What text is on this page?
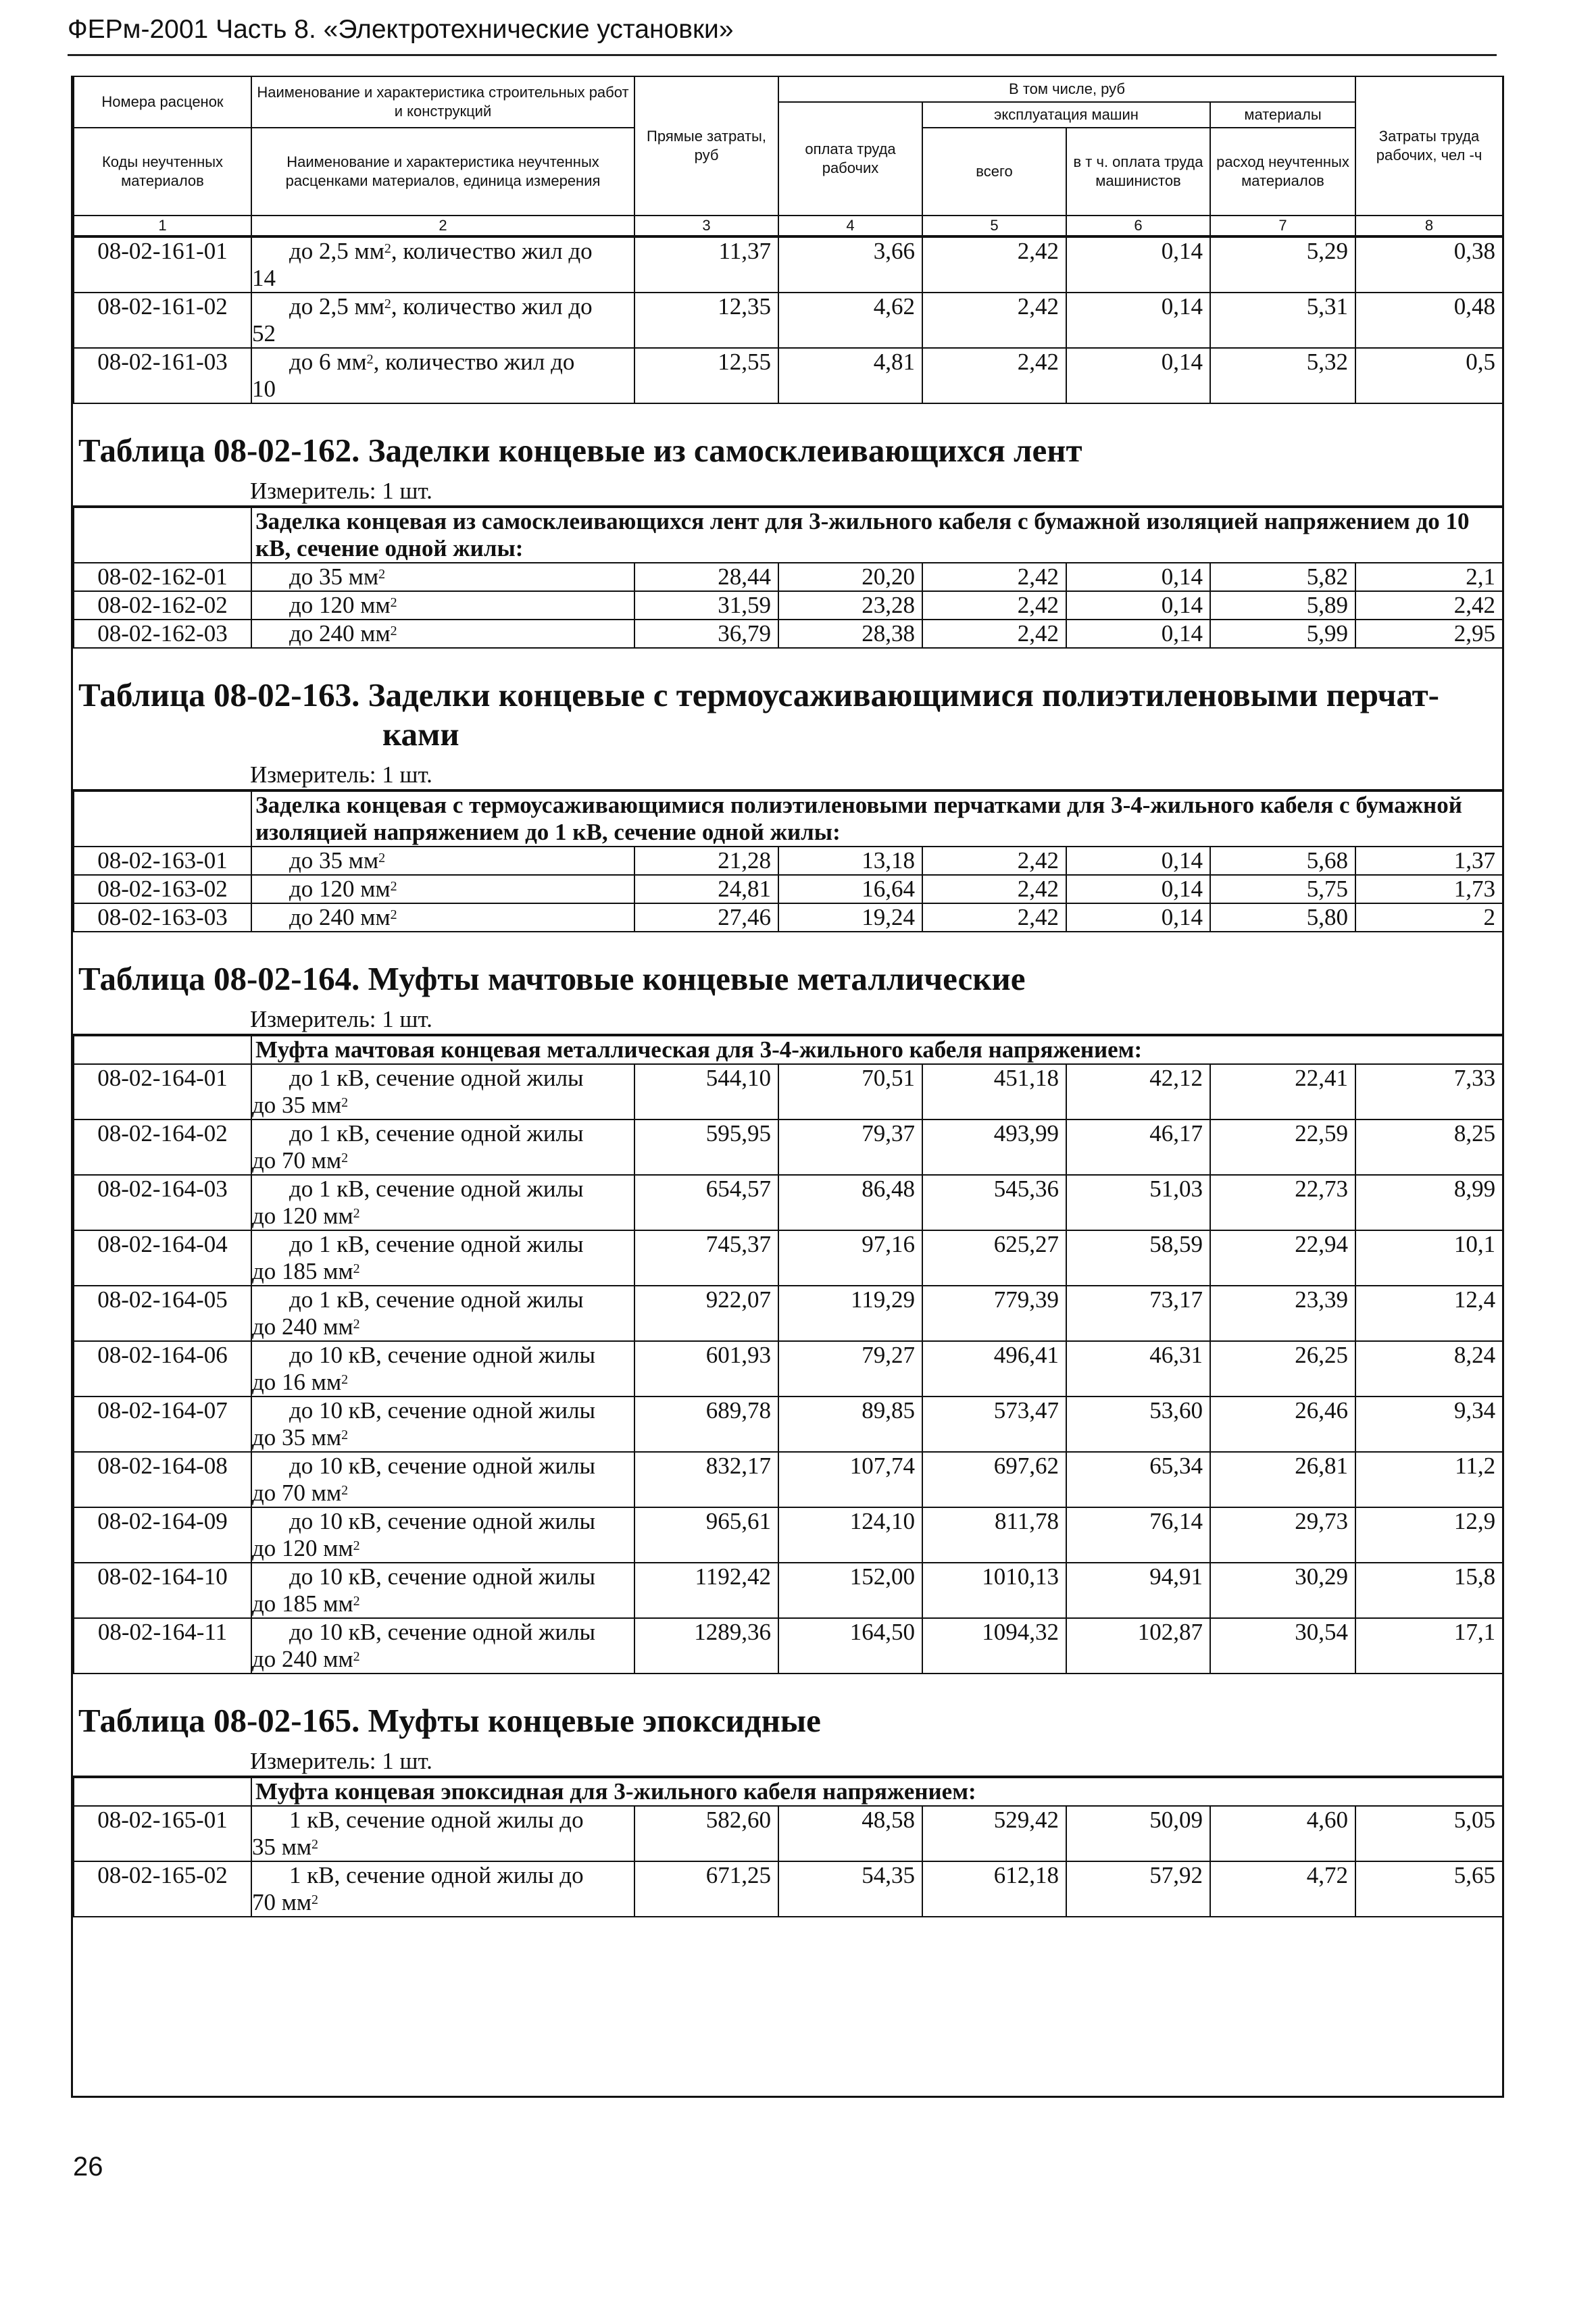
ФЕРм-2001 Часть 8. «Электротехнические установки»
Номера расценок	Наименование и характеристика строительных работ и конструкций	Прямые затраты, руб	В том числе, руб				Затраты труда рабочих, чел -ч
			оплата труда рабочих	эксплуатация машин		материалы	
Коды неучтенных материалов	Наименование и характеристика неучтенных расценками материалов, единица измерения			всего	в т ч. оплата труда машинистов	расход неучтенных материалов	

1	2	3	4	5	6	7	8
08-02-161-01	до 2,5 $мм^2$, количество жил до
14	11,37	3,66	2,42	0,14	5,29	0,38
08-02-161-02	до 2,5 $мм^2$, количество жил до
52	12,35	4,62	2,42	0,14	5,31	0,48
08-02-161-03	до 6 $мм^2$, количество жил до
10	12,55	4,81	2,42	0,14	5,32	0,5
Таблица 08-02-162. Заделки концевые из самосклеивающихся лент
Измеритель: 1 шт.
	Заделка концевая из самосклеивающихся лент для 3-жильного кабеля с бумажной изоляцией напряжением до 10 кВ, сечение одной жилы:						
08-02-162-01	до 35 $мм^2$	28,44	20,20	2,42	0,14	5,82	2,1
08-02-162-02	до 120 $мм^2$	31,59	23,28	2,42	0,14	5,89	2,42
08-02-162-03	до 240 $мм^2$	36,79	28,38	2,42	0,14	5,99	2,95
Таблица 08-02-163. Заделки концевые с термоусаживающимися полиэтиленовыми перчат-
ками
Измеритель: 1 шт.
	Заделка концевая с термоусаживающимися полиэтиленовыми перчатками для 3-4-жильного кабеля с бумажной изоляцией напряжением до 1 кВ, сечение одной жилы:						
08-02-163-01	до 35 $мм^2$	21,28	13,18	2,42	0,14	5,68	1,37
08-02-163-02	до 120 $мм^2$	24,81	16,64	2,42	0,14	5,75	1,73
08-02-163-03	до 240 $мм^2$	27,46	19,24	2,42	0,14	5,80	2
Таблица 08-02-164. Муфты мачтовые концевые металлические
Измеритель: 1 шт.
	Муфта мачтовая концевая металлическая для 3-4-жильного кабеля напряжением:						
08-02-164-01	до 1 кВ, сечение одной жилы
до 35 $мм^2$	544,10	70,51	451,18	42,12	22,41	7,33
08-02-164-02	до 1 кВ, сечение одной жилы
до 70 $мм^2$	595,95	79,37	493,99	46,17	22,59	8,25
08-02-164-03	до 1 кВ, сечение одной жилы
до 120 $мм^2$	654,57	86,48	545,36	51,03	22,73	8,99
08-02-164-04	до 1 кВ, сечение одной жилы
до 185 $мм^2$	745,37	97,16	625,27	58,59	22,94	10,1
08-02-164-05	до 1 кВ, сечение одной жилы
до 240 $мм^2$	922,07	119,29	779,39	73,17	23,39	12,4
08-02-164-06	до 10 кВ, сечение одной жилы
до 16 $мм^2$	601,93	79,27	496,41	46,31	26,25	8,24
08-02-164-07	до 10 кВ, сечение одной жилы
до 35 $мм^2$	689,78	89,85	573,47	53,60	26,46	9,34
08-02-164-08	до 10 кВ, сечение одной жилы
до 70 $мм^2$	832,17	107,74	697,62	65,34	26,81	11,2
08-02-164-09	до 10 кВ, сечение одной жилы
до 120 $мм^2$	965,61	124,10	811,78	76,14	29,73	12,9
08-02-164-10	до 10 кВ, сечение одной жилы
до 185 $мм^2$	1192,42	152,00	1010,13	94,91	30,29	15,8
08-02-164-11	до 10 кВ, сечение одной жилы
до 240 $мм^2$	1289,36	164,50	1094,32	102,87	30,54	17,1
Таблица 08-02-165. Муфты концевые эпоксидные
Измеритель: 1 шт.
	Муфта концевая эпоксидная для 3-жильного кабеля напряжением:						
08-02-165-01	1 кВ, сечение одной жилы до
35 $мм^2$	582,60	48,58	529,42	50,09	4,60	5,05
08-02-165-02	1 кВ, сечение одной жилы до
70 $мм^2$	671,25	54,35	612,18	57,92	4,72	5,65
26
